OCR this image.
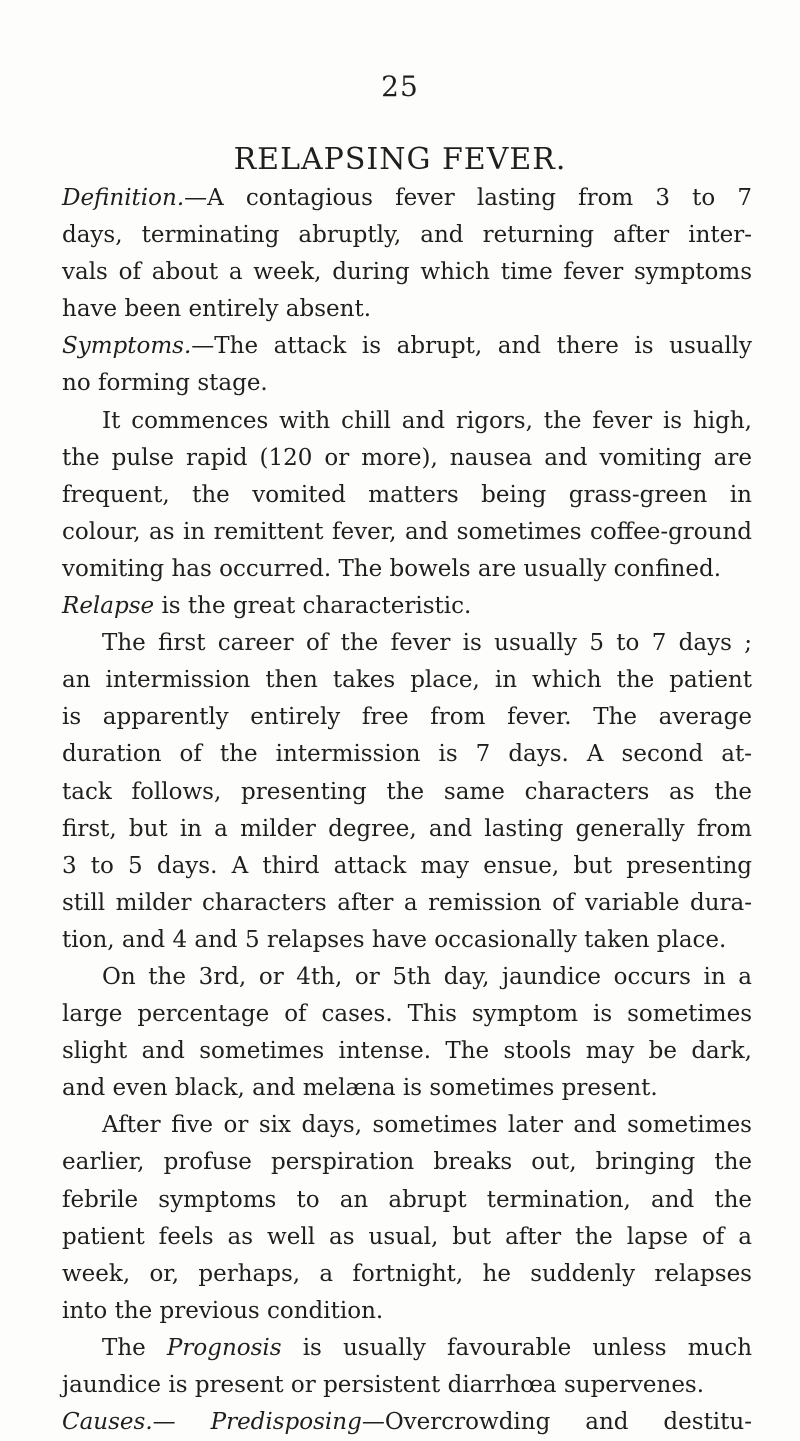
25
RELAPSING FEVER.
Definition.—A contagious fever lasting from 3 to 7
days, terminating abruptly, and returning after inter-
vals of about a week, during which time fever symptoms
have been entirely absent.
Symptoms.—The attack is abrupt, and there is usually
no forming stage.
It commences with chill and rigors, the fever is high,
the pulse rapid (120 or more), nausea and vomiting are
frequent, the vomited matters being grass-green in
colour, as in remittent fever, and sometimes coffee-ground
vomiting has occurred. The bowels are usually confined.
Relapse is the great characteristic.
The first career of the fever is usually 5 to 7 days ;
an intermission then takes place, in which the patient
is apparently entirely free from fever. The average
duration of the intermission is 7 days. A second at-
tack follows, presenting the same characters as the
first, but in a milder degree, and lasting generally from
3 to 5 days. A third attack may ensue, but presenting
still milder characters after a remission of variable dura-
tion, and 4 and 5 relapses have occasionally taken place.
On the 3rd, or 4th, or 5th day, jaundice occurs in a
large percentage of cases. This symptom is sometimes
slight and sometimes intense. The stools may be dark,
and even black, and melæna is sometimes present.
After five or six days, sometimes later and sometimes
earlier, profuse perspiration breaks out, bringing the
febrile symptoms to an abrupt termination, and the
patient feels as well as usual, but after the lapse of a
week, or, perhaps, a fortnight, he suddenly relapses
into the previous condition.
The Prognosis is usually favourable unless much
jaundice is present or persistent diarrhœa supervenes.
Causes.— Predisposing—Overcrowding and destitu-
